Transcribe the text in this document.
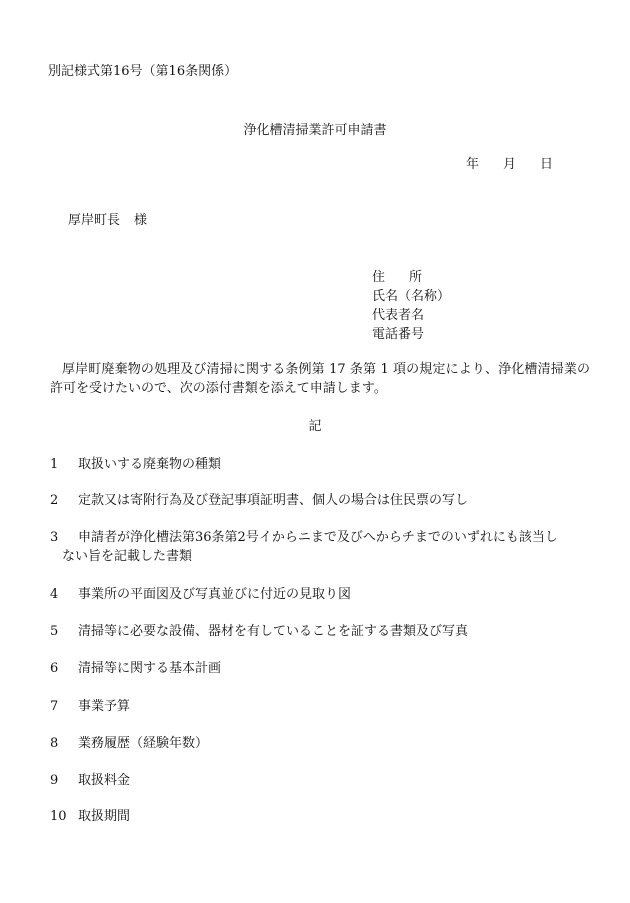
別記様式第16号（第16条関係）
浄化槽清掃業許可申請書
年 月 日
厚岸町長 様
住 所
氏名（名称）
代表者名
電話番号
厚岸町廃棄物の処理及び清掃に関する条例第 17 条第 1 項の規定により、浄化槽清掃業の許可を受けたいので、次の添付書類を添えて申請します。
記
1 取扱いする廃棄物の種類
2 定款又は寄附行為及び登記事項証明書、個人の場合は住民票の写し
3 申請者が浄化槽法第36条第2号イからニまで及びへからチまでのいずれにも該当し
ない旨を記載した書類
4 事業所の平面図及び写真並びに付近の見取り図
5 清掃等に必要な設備、器材を有していることを証する書類及び写真
6 清掃等に関する基本計画
7 事業予算
8 業務履歴（経験年数）
9 取扱料金
10 取扱期間
